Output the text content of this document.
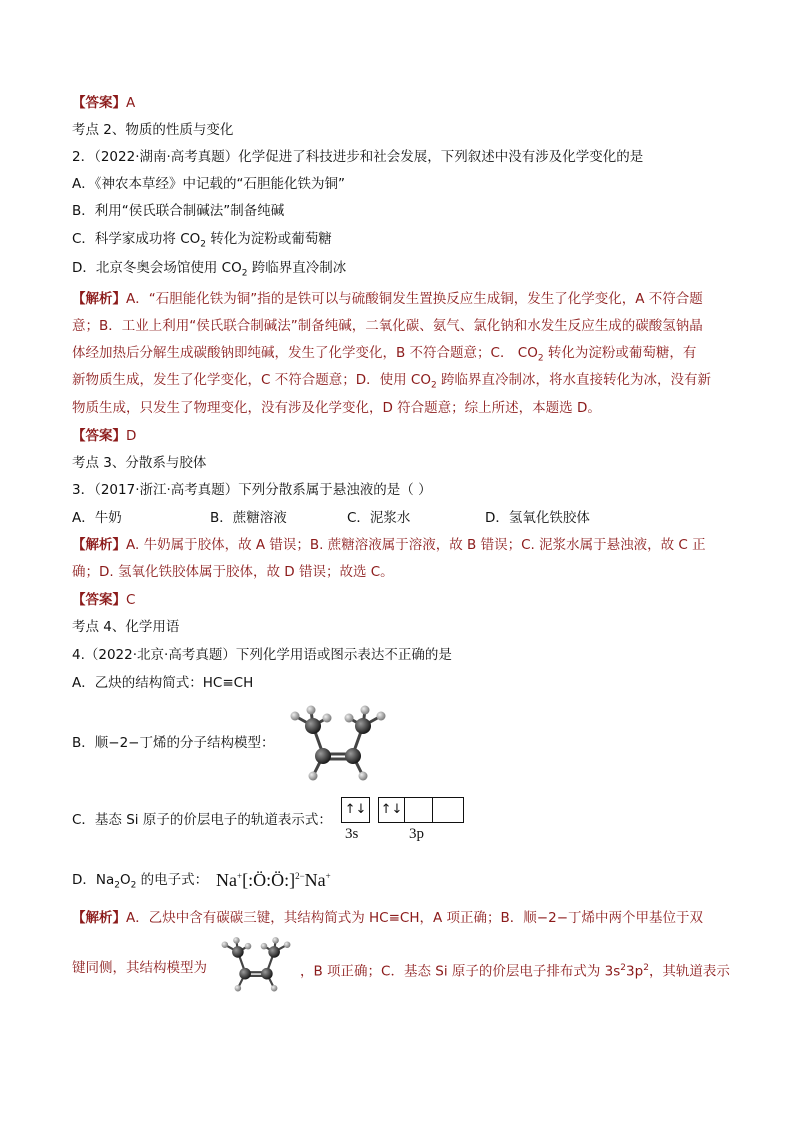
【答案】A
考点 2、物质的性质与变化
2．（2022·湖南·高考真题）化学促进了科技进步和社会发展，下列叙述中没有涉及化学变化的是
A．《神农本草经》中记载的“石胆能化铁为铜”
B．利用“侯氏联合制碱法”制备纯碱
C．科学家成功将 $CO_2$ 转化为淀粉或葡萄糖
D．北京冬奥会场馆使用 $CO_2$ 跨临界直冷制冰
【解析】A．“石胆能化铁为铜”指的是铁可以与硫酸铜发生置换反应生成铜，发生了化学变化，A 不符合题
意；B．工业上利用“侯氏联合制碱法”制备纯碱，二氧化碳、氨气、氯化钠和水发生反应生成的碳酸氢钠晶
体经加热后分解生成碳酸钠即纯碱，发生了化学变化，B 不符合题意；C． $CO_2$ 转化为淀粉或葡萄糖，有
新物质生成，发生了化学变化，C 不符合题意；D．使用 $CO_2$ 跨临界直冷制冰，将水直接转化为冰，没有新
物质生成，只发生了物理变化，没有涉及化学变化，D 符合题意；综上所述，本题选 D。
【答案】D
考点 3、分散系与胶体
3．（2017·浙江·高考真题）下列分散系属于悬浊液的是（ ）
A．牛奶	B．蔗糖溶液	C．泥浆水	D．氢氧化铁胶体
【解析】A. 牛奶属于胶体，故 A 错误；B. 蔗糖溶液属于溶液，故 B 错误；C. 泥浆水属于悬浊液，故 C 正
确；D. 氢氧化铁胶体属于胶体，故 D 错误；故选 C。
【答案】C
考点 4、化学用语
4.（2022·北京·高考真题）下列化学用语或图示表达不正确的是
A．乙炔的结构简式：HC≡CH
B．顺−2−丁烯的分子结构模型：
C．基态 Si 原子的价层电子的轨道表示式：
↑↓ ↑↓
3s	3p
D．$Na_2O_2$ 的电子式： Na+[:Ö:Ö:]$^{2-}$Na+
【解析】A．乙炔中含有碳碳三键，其结构简式为 HC≡CH，A 项正确；B．顺−2−丁烯中两个甲基位于双
键同侧，其结构模型为	，B 项正确；C．基态 Si 原子的价层电子排布式为 $3s^23p^2$，其轨道表示
